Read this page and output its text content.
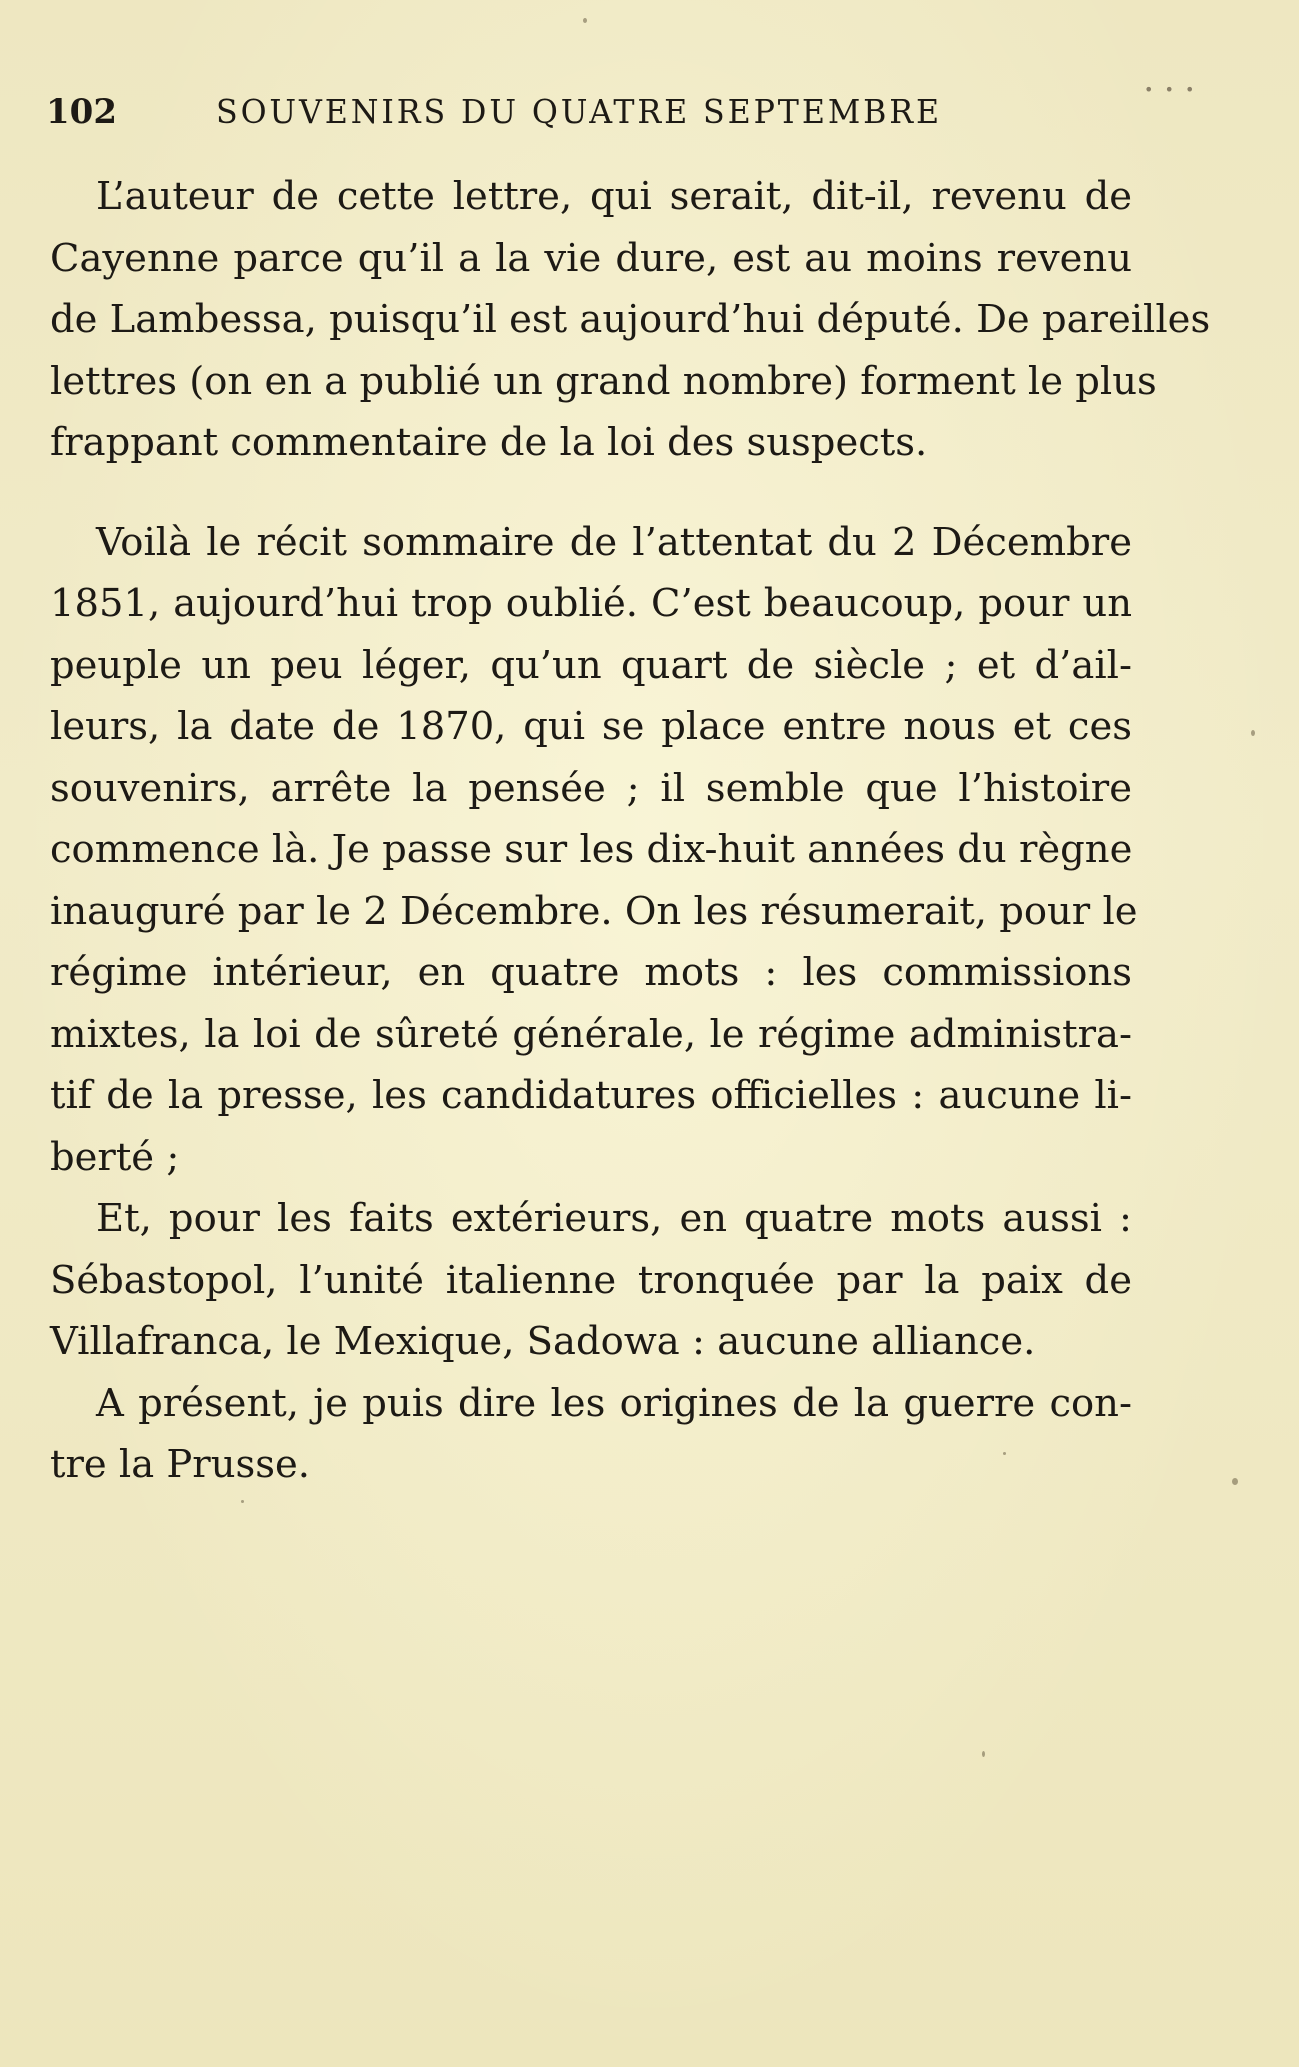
• • •
102	SOUVENIRS DU QUATRE SEPTEMBRE
L’auteur de cette lettre, qui serait, dit-il, revenu de
Cayenne parce qu’il a la vie dure, est au moins revenu
de Lambessa, puisqu’il est aujourd’hui député. De pareilles
lettres (on en a publié un grand nombre) forment le plus
frappant commentaire de la loi des suspects.
Voilà le récit sommaire de l’attentat du 2 Décembre
1851, aujourd’hui trop oublié. C’est beaucoup, pour un
peuple un peu léger, qu’un quart de siècle ; et d’ail-
leurs, la date de 1870, qui se place entre nous et ces
souvenirs, arrête la pensée ; il semble que l’histoire
commence là. Je passe sur les dix-huit années du règne
inauguré par le 2 Décembre. On les résumerait, pour le
régime intérieur, en quatre mots : les commissions
mixtes, la loi de sûreté générale, le régime administra-
tif de la presse, les candidatures officielles : aucune li-
berté ;
Et, pour les faits extérieurs, en quatre mots aussi :
Sébastopol, l’unité italienne tronquée par la paix de
Villafranca, le Mexique, Sadowa : aucune alliance.
A présent, je puis dire les origines de la guerre con-
tre la Prusse.
